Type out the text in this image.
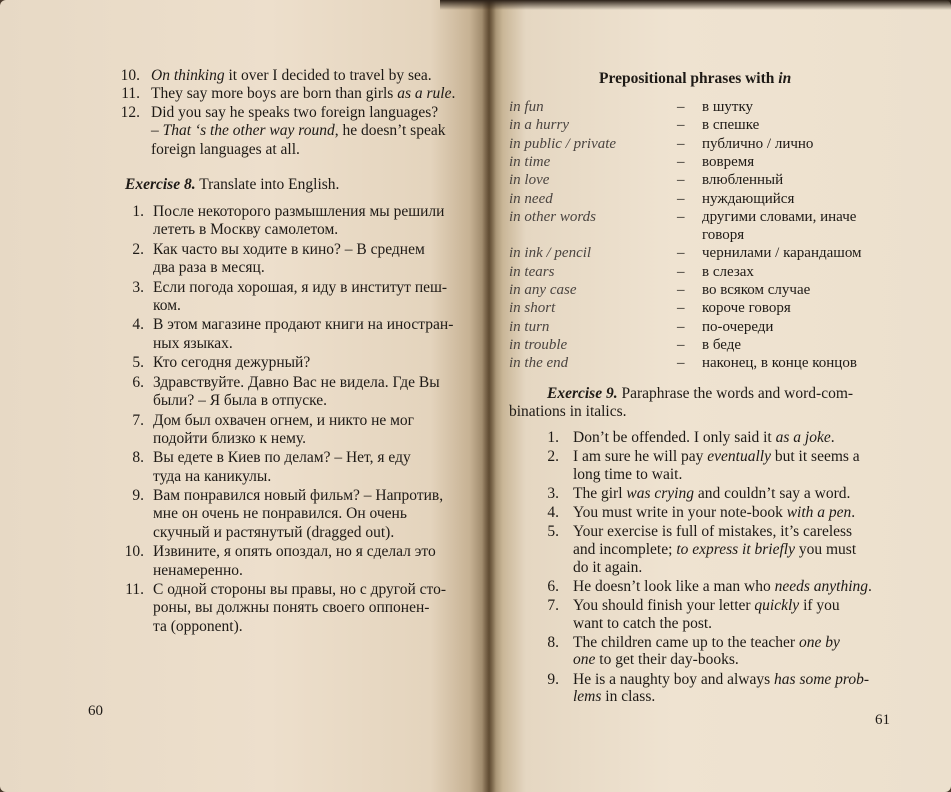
10. On thinking it over I decided to travel by sea.
11. They say more boys are born than girls as a rule.
12. Did you say he speaks two foreign languages?
– That ‘s the other way round, he doesn’t speak
foreign languages at all.
Exercise 8. Translate into English.
1. После некоторого размышления мы решили
лететь в Москву самолетом.
2. Как часто вы ходите в кино? – В среднем
два раза в месяц.
3. Если погода хорошая, я иду в институт пеш-
ком.
4. В этом магазине продают книги на иностран-
ных языках.
5. Кто сегодня дежурный?
6. Здравствуйте. Давно Вас не видела. Где Вы
были? – Я была в отпуске.
7. Дом был охвачен огнем, и никто не мог
подойти близко к нему.
8. Вы едете в Киев по делам? – Нет, я еду
туда на каникулы.
9. Вам понравился новый фильм? – Напротив,
мне он очень не понравился. Он очень
скучный и растянутый (dragged out).
10. Извините, я опять опоздал, но я сделал это
ненамеренно.
11. С одной стороны вы правы, но с другой сто-
роны, вы должны понять своего оппонен-
та (opponent).
60
Prepositional phrases with in
in fun	– в шутку
in a hurry	– в спешке
in public / private	– публично / лично
in time	– вовремя
in love	– влюбленный
in need	– нуждающийся
in other words	– другими словами, иначе
говоря
in ink / pencil	– чернилами / карандашом
in tears	– в слезах
in any case	– во всяком случае
in short	– короче говоря
in turn	– по-очереди
in trouble	– в беде
in the end	– наконец, в конце концов
Exercise 9. Paraphrase the words and word-com-
binations in italics.
1. Don’t be offended. I only said it as a joke.
2. I am sure he will pay eventually but it seems a
long time to wait.
3. The girl was crying and couldn’t say a word.
4. You must write in your note-book with a pen.
5. Your exercise is full of mistakes, it’s careless
and incomplete; to express it briefly you must
do it again.
6. He doesn’t look like a man who needs anything.
7. You should finish your letter quickly if you
want to catch the post.
8. The children came up to the teacher one by
one to get their day-books.
9. He is a naughty boy and always has some prob-
lems in class.
61
